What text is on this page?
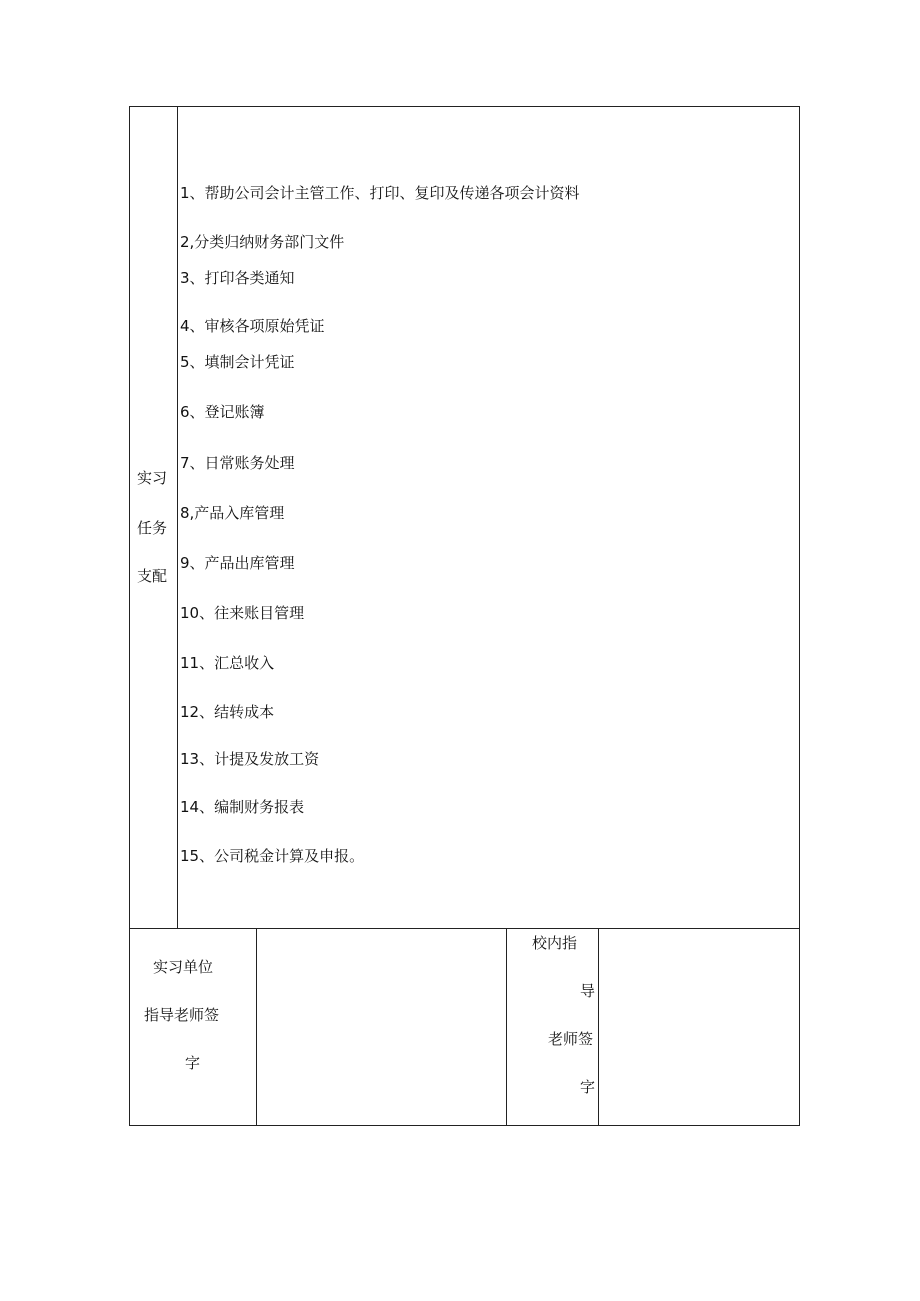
实习
任务
支配
1、帮助公司会计主管工作、打印、复印及传递各项会计资料
2,分类归纳财务部门文件
3、打印各类通知
4、审核各项原始凭证
5、填制会计凭证
6、登记账簿
7、日常账务处理
8,产品入库管理
9、产品出库管理
10、往来账目管理
11、汇总收入
12、结转成本
13、计提及发放工资
14、编制财务报表
15、公司税金计算及申报。
实习单位
指导老师签
字
校内指
导
老师签
字
